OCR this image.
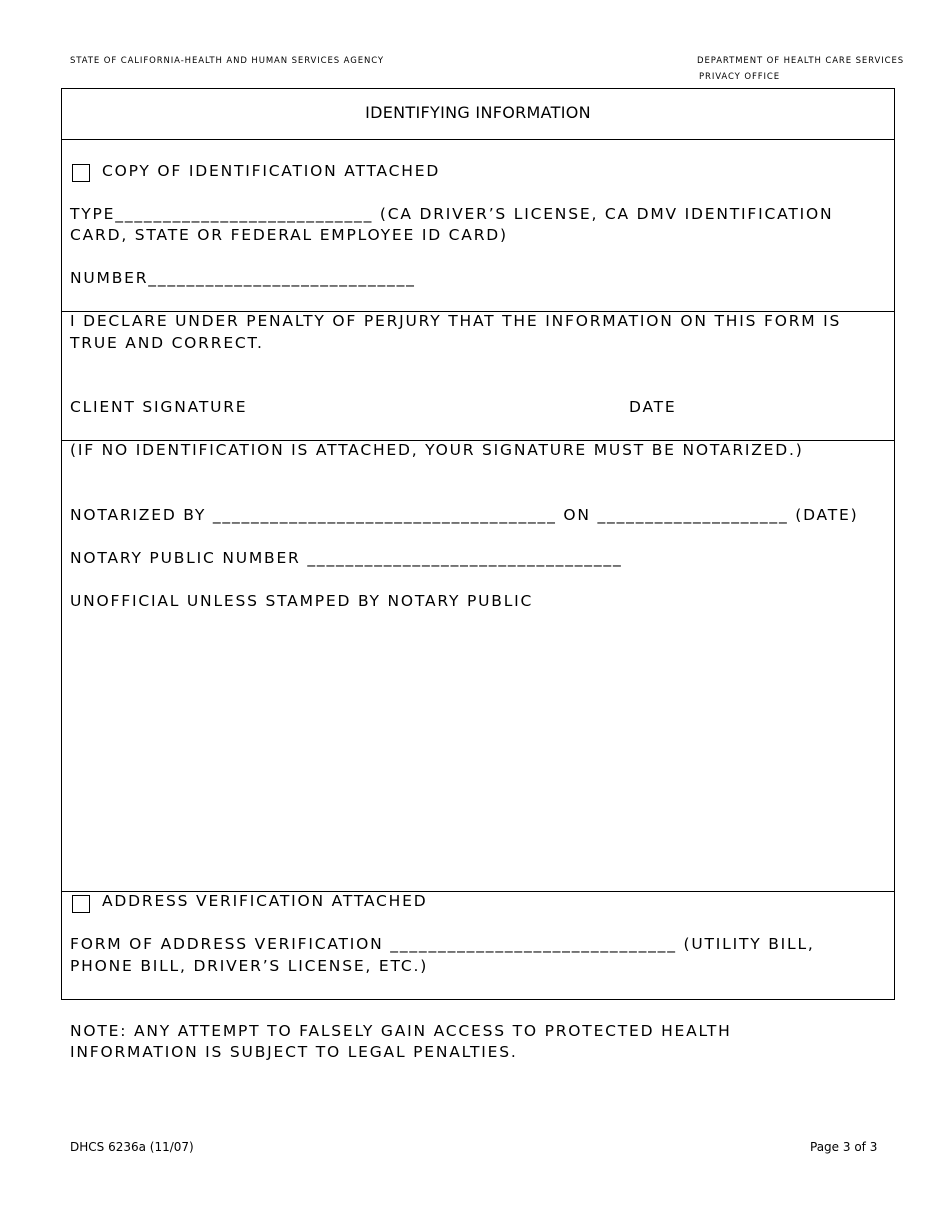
STATE OF CALIFORNIA-HEALTH AND HUMAN SERVICES AGENCY	DEPARTMENT OF HEALTH CARE SERVICES
PRIVACY OFFICE
IDENTIFYING INFORMATION
COPY OF IDENTIFICATION ATTACHED
TYPE___________________________ (CA DRIVER’S LICENSE, CA DMV IDENTIFICATION
CARD, STATE OR FEDERAL EMPLOYEE ID CARD)
NUMBER____________________________
I DECLARE UNDER PENALTY OF PERJURY THAT THE INFORMATION ON THIS FORM IS
TRUE AND CORRECT.
CLIENT SIGNATURE	DATE
(IF NO IDENTIFICATION IS ATTACHED, YOUR SIGNATURE MUST BE NOTARIZED.)
NOTARIZED BY ____________________________________ ON ____________________ (DATE)
NOTARY PUBLIC NUMBER _________________________________
UNOFFICIAL UNLESS STAMPED BY NOTARY PUBLIC
ADDRESS VERIFICATION ATTACHED
FORM OF ADDRESS VERIFICATION ______________________________ (UTILITY BILL,
PHONE BILL, DRIVER’S LICENSE, ETC.)
NOTE: ANY ATTEMPT TO FALSELY GAIN ACCESS TO PROTECTED HEALTH
INFORMATION IS SUBJECT TO LEGAL PENALTIES.
DHCS 6236a (11/07)	Page 3 of 3
